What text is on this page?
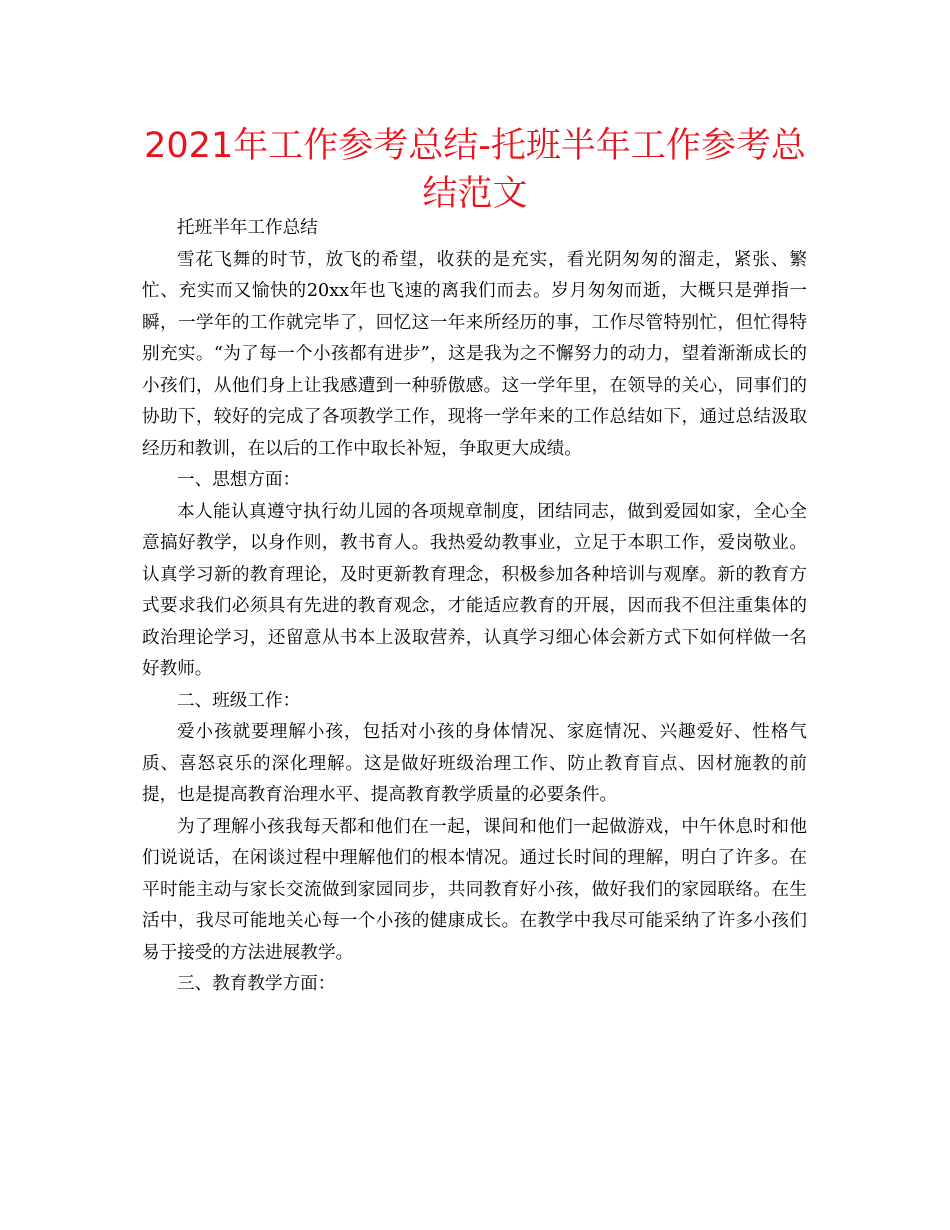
2021年工作参考总结-托班半年工作参考总结范文

托班半年工作总结

雪花飞舞的时节，放飞的希望，收获的是充实，看光阴匆匆的溜走，紧张、繁忙、充实而又愉快的20xx年也飞速的离我们而去。岁月匆匆而逝，大概只是弹指一瞬，一学年的工作就完毕了，回忆这一年来所经历的事，工作尽管特别忙，但忙得特别充实。“为了每一个小孩都有进步”，这是我为之不懈努力的动力，望着渐渐成长的小孩们，从他们身上让我感遭到一种骄傲感。这一学年里，在领导的关心，同事们的协助下，较好的完成了各项教学工作，现将一学年来的工作总结如下，通过总结汲取经历和教训，在以后的工作中取长补短，争取更大成绩。

一、思想方面：

本人能认真遵守执行幼儿园的各项规章制度，团结同志，做到爱园如家，全心全意搞好教学，以身作则，教书育人。我热爱幼教事业，立足于本职工作，爱岗敬业。认真学习新的教育理论，及时更新教育理念，积极参加各种培训与观摩。新的教育方式要求我们必须具有先进的教育观念，才能适应教育的开展，因而我不但注重集体的政治理论学习，还留意从书本上汲取营养，认真学习细心体会新方式下如何样做一名好教师。

二、班级工作：

爱小孩就要理解小孩，包括对小孩的身体情况、家庭情况、兴趣爱好、性格气质、喜怒哀乐的深化理解。这是做好班级治理工作、防止教育盲点、因材施教的前提，也是提高教育治理水平、提高教育教学质量的必要条件。

为了理解小孩我每天都和他们在一起，课间和他们一起做游戏，中午休息时和他们说说话，在闲谈过程中理解他们的根本情况。通过长时间的理解，明白了许多。在平时能主动与家长交流做到家园同步，共同教育好小孩，做好我们的家园联络。在生活中，我尽可能地关心每一个小孩的健康成长。在教学中我尽可能采纳了许多小孩们易于接受的方法进展教学。

三、教育教学方面：
